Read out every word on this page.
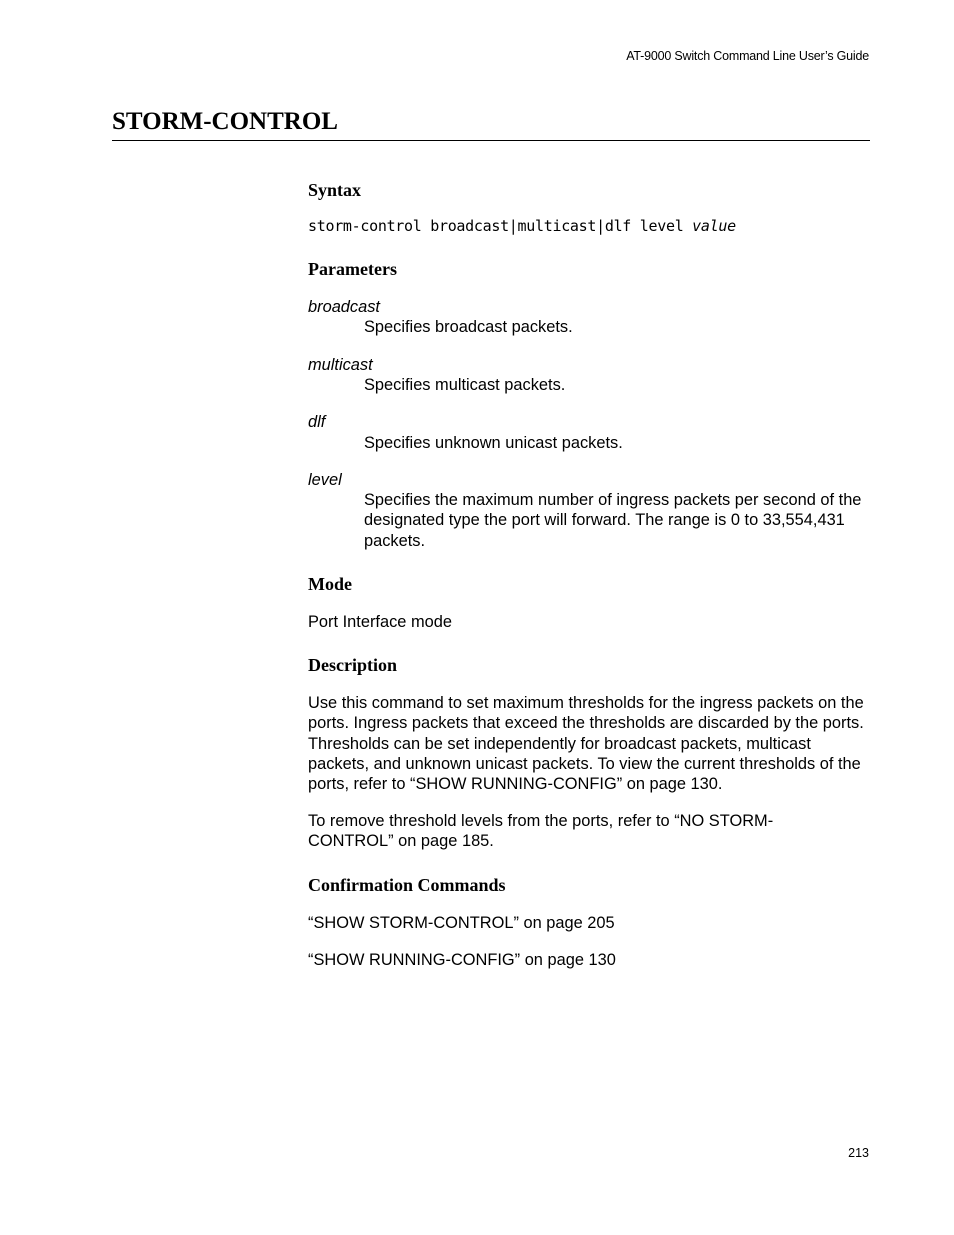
AT-9000 Switch Command Line User’s Guide
STORM-CONTROL
Syntax
storm-control broadcast|multicast|dlf level value
Parameters
broadcast
Specifies broadcast packets.
multicast
Specifies multicast packets.
dlf
Specifies unknown unicast packets.
level
Specifies the maximum number of ingress packets per second of the designated type the port will forward. The range is 0 to 33,554,431 packets.
Mode

Port Interface mode

Description

Use this command to set maximum thresholds for the ingress packets on the ports. Ingress packets that exceed the thresholds are discarded by the ports. Thresholds can be set independently for broadcast packets, multicast packets, and unknown unicast packets. To view the current thresholds of the ports, refer to “SHOW RUNNING-CONFIG” on page 130.

To remove threshold levels from the ports, refer to “NO STORM-CONTROL” on page 185.

Confirmation Commands

“SHOW STORM-CONTROL” on page 205

“SHOW RUNNING-CONFIG” on page 130

213
